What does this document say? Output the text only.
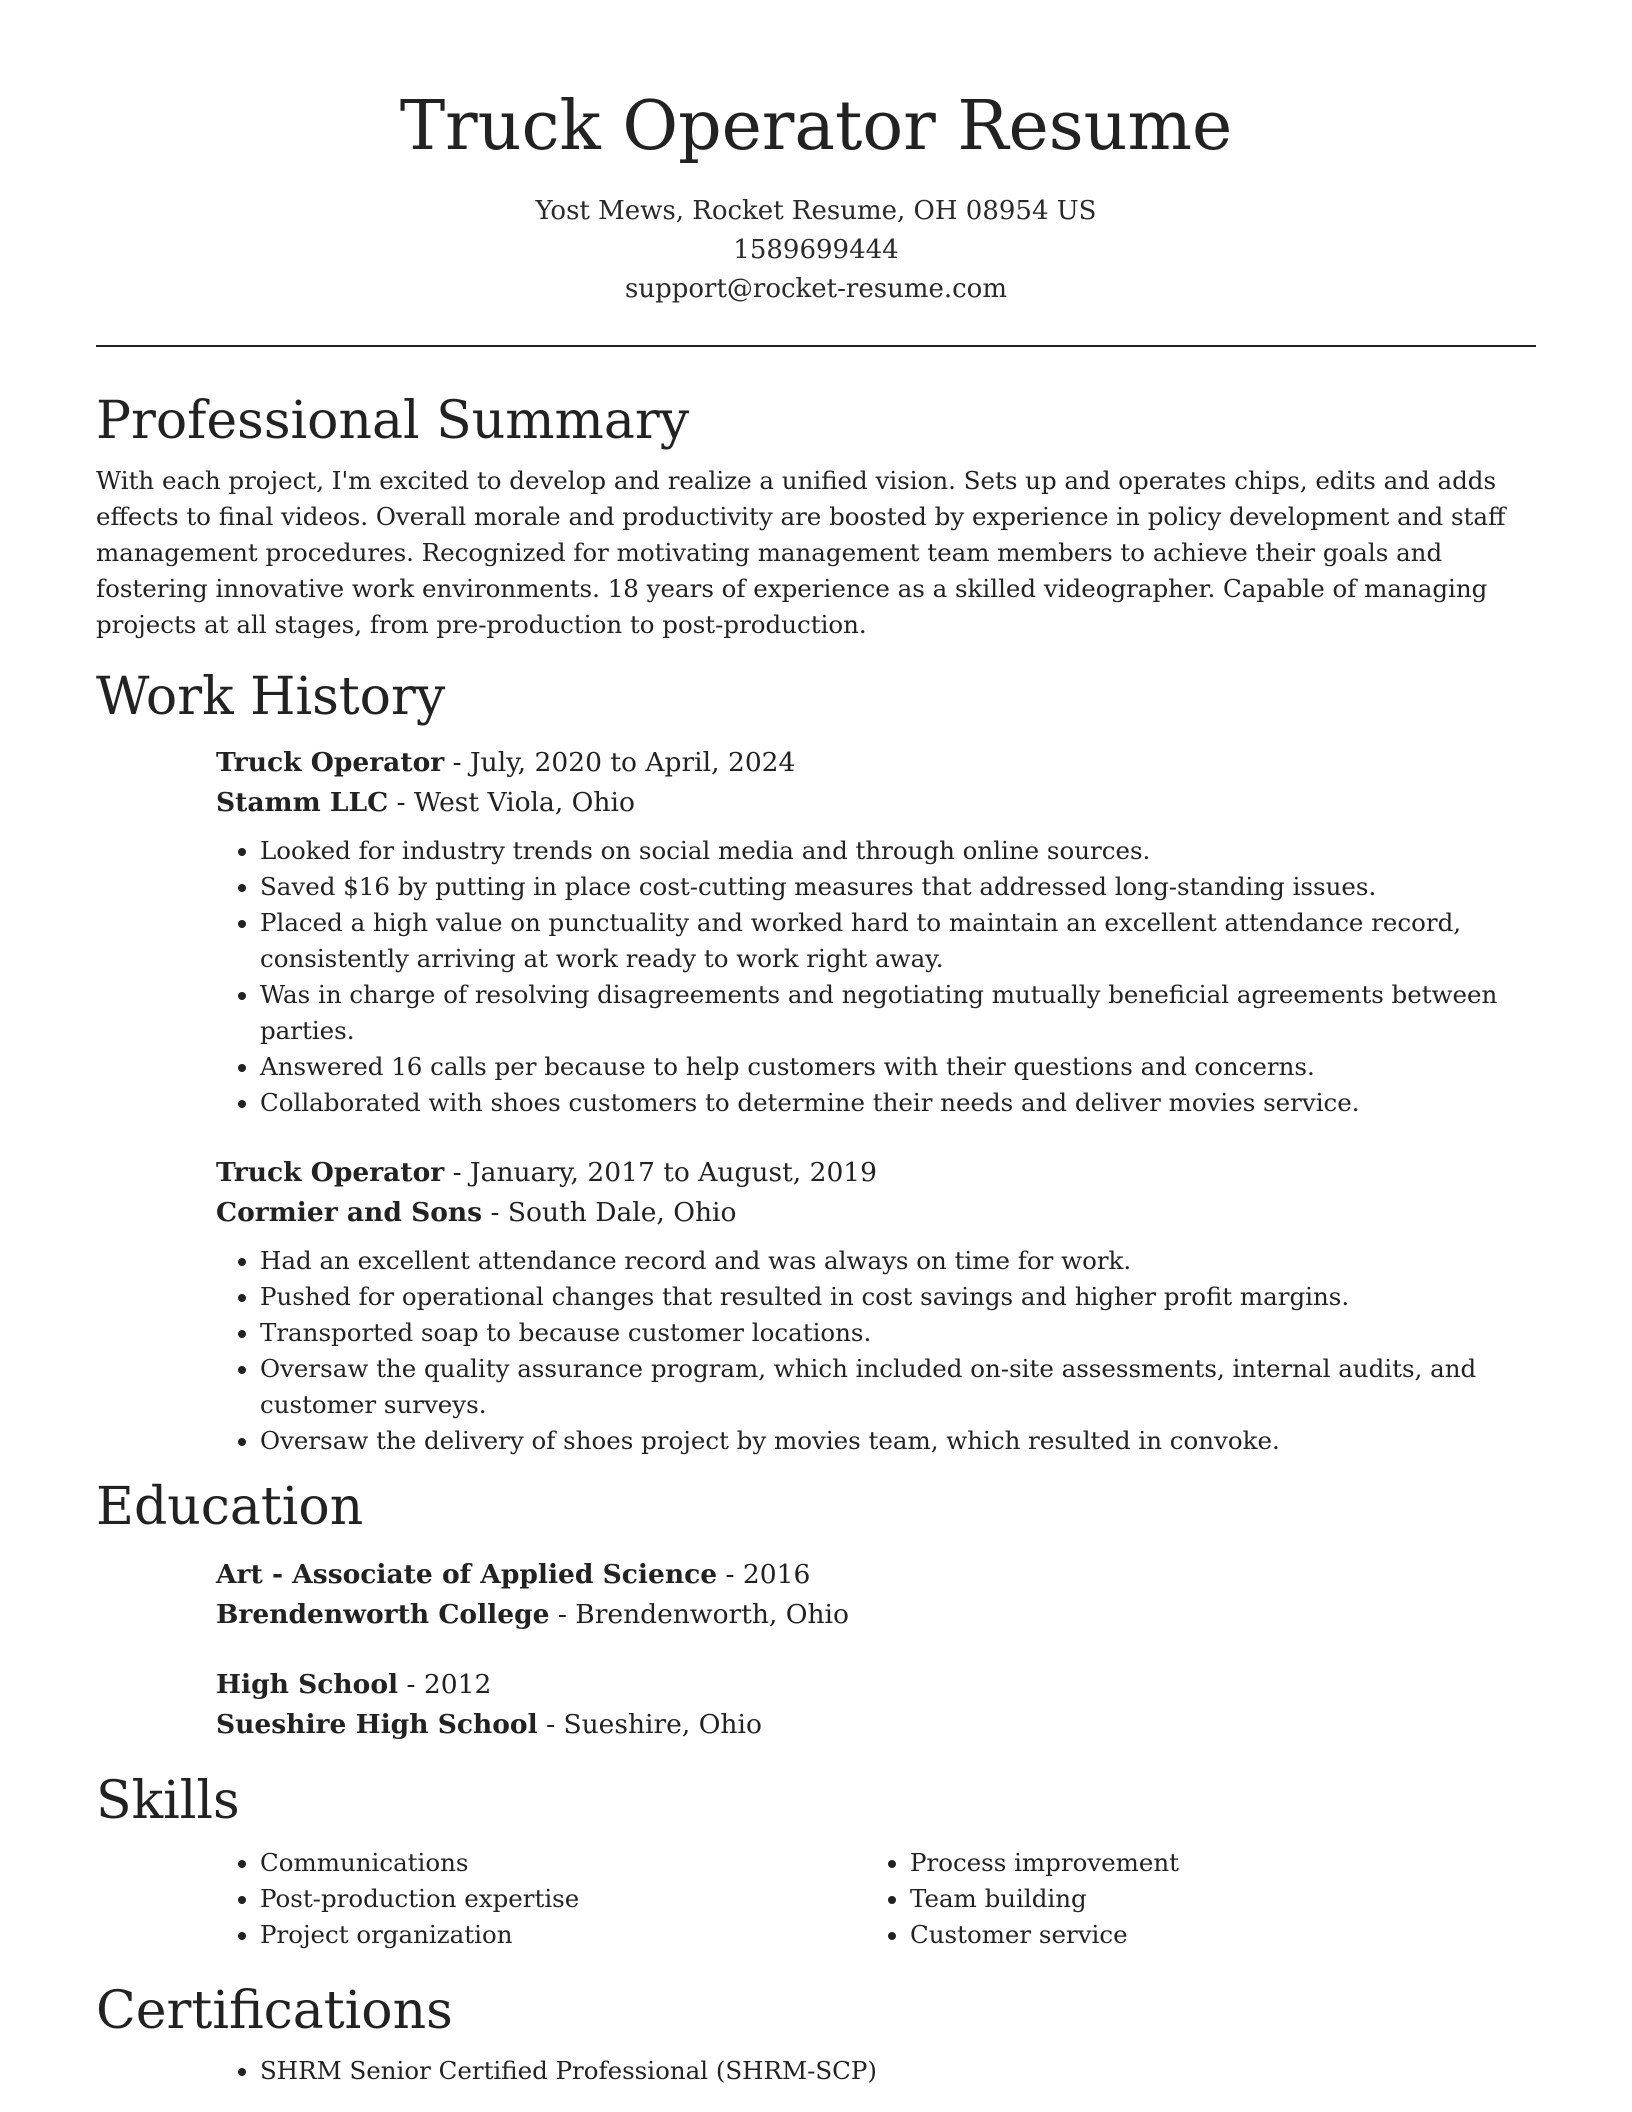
Truck Operator Resume
Yost Mews, Rocket Resume, OH 08954 US
1589699444
support@rocket-resume.com
Professional Summary

With each project, I'm excited to develop and realize a unified vision. Sets up and operates chips, edits and adds effects to final videos. Overall morale and productivity are boosted by experience in policy development and staff management procedures. Recognized for motivating management team members to achieve their goals and fostering innovative work environments. 18 years of experience as a skilled videographer. Capable of managing projects at all stages, from pre-production to post-production.

Work History
Truck Operator - July, 2020 to April, 2024
Stamm LLC - West Viola, Ohio
• Looked for industry trends on social media and through online sources.
• Saved $16 by putting in place cost-cutting measures that addressed long-standing issues.
• Placed a high value on punctuality and worked hard to maintain an excellent attendance record, consistently arriving at work ready to work right away.
• Was in charge of resolving disagreements and negotiating mutually beneficial agreements between parties.
• Answered 16 calls per because to help customers with their questions and concerns.
• Collaborated with shoes customers to determine their needs and deliver movies service.
Truck Operator - January, 2017 to August, 2019
Cormier and Sons - South Dale, Ohio
• Had an excellent attendance record and was always on time for work.
• Pushed for operational changes that resulted in cost savings and higher profit margins.
• Transported soap to because customer locations.
• Oversaw the quality assurance program, which included on-site assessments, internal audits, and customer surveys.
• Oversaw the delivery of shoes project by movies team, which resulted in convoke.
Education
Art - Associate of Applied Science - 2016
Brendenworth College - Brendenworth, Ohio
High School - 2012
Sueshire High School - Sueshire, Ohio
Skills
• Communications
• Post-production expertise
• Project organization
• Process improvement
• Team building
• Customer service
Certifications
• SHRM Senior Certified Professional (SHRM-SCP)
